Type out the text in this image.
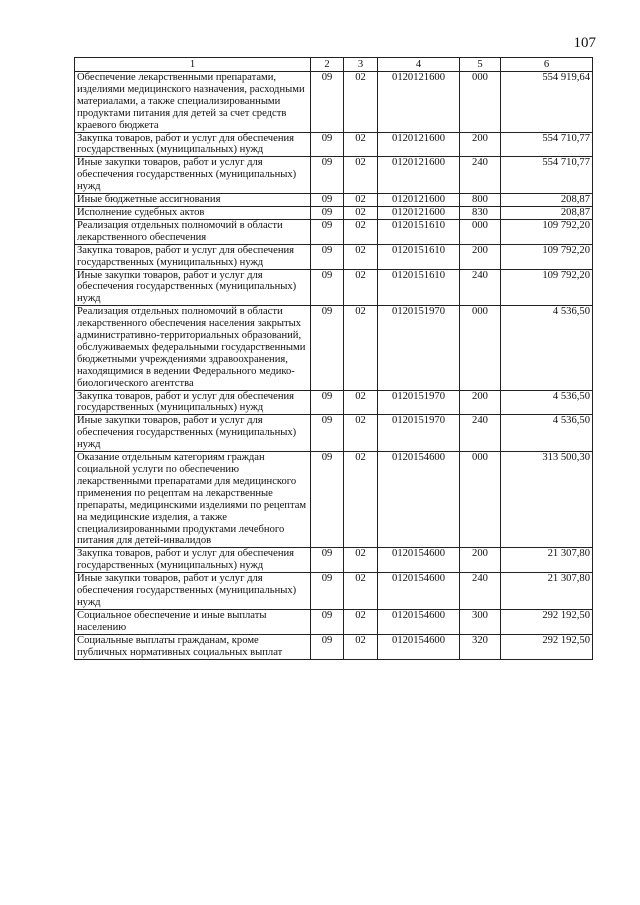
107
1	2	3	4	5	6
Обеспечение лекарственными препаратами, изделиями медицинского назначения, расходными материалами, а также специализированными продуктами питания для детей за счет средств краевого бюджета	09	02	0120121600	000	554 919,64
Закупка товаров, работ и услуг для обеспечения государственных (муниципальных) нужд	09	02	0120121600	200	554 710,77
Иные закупки товаров, работ и услуг для обеспечения государственных (муниципальных) нужд	09	02	0120121600	240	554 710,77
Иные бюджетные ассигнования	09	02	0120121600	800	208,87
Исполнение судебных актов	09	02	0120121600	830	208,87
Реализация отдельных полномочий в области лекарственного обеспечения	09	02	0120151610	000	109 792,20
Закупка товаров, работ и услуг для обеспечения государственных (муниципальных) нужд	09	02	0120151610	200	109 792,20
Иные закупки товаров, работ и услуг для обеспечения государственных (муниципальных) нужд	09	02	0120151610	240	109 792,20
Реализация отдельных полномочий в области лекарственного обеспечения населения закрытых административно-территориальных образований, обслуживаемых федеральными государственными бюджетными учреждениями здравоохранения, находящимися в ведении Федерального медико-биологического агентства	09	02	0120151970	000	4 536,50
Закупка товаров, работ и услуг для обеспечения государственных (муниципальных) нужд	09	02	0120151970	200	4 536,50
Иные закупки товаров, работ и услуг для обеспечения государственных (муниципальных) нужд	09	02	0120151970	240	4 536,50
Оказание отдельным категориям граждан социальной услуги по обеспечению лекарственными препаратами для медицинского применения по рецептам на лекарственные препараты, медицинскими изделиями по рецептам на медицинские изделия, а также специализированными продуктами лечебного питания для детей-инвалидов	09	02	0120154600	000	313 500,30
Закупка товаров, работ и услуг для обеспечения государственных (муниципальных) нужд	09	02	0120154600	200	21 307,80
Иные закупки товаров, работ и услуг для обеспечения государственных (муниципальных) нужд	09	02	0120154600	240	21 307,80
Социальное обеспечение и иные выплаты населению	09	02	0120154600	300	292 192,50
Социальные выплаты гражданам, кроме публичных нормативных социальных выплат	09	02	0120154600	320	292 192,50
